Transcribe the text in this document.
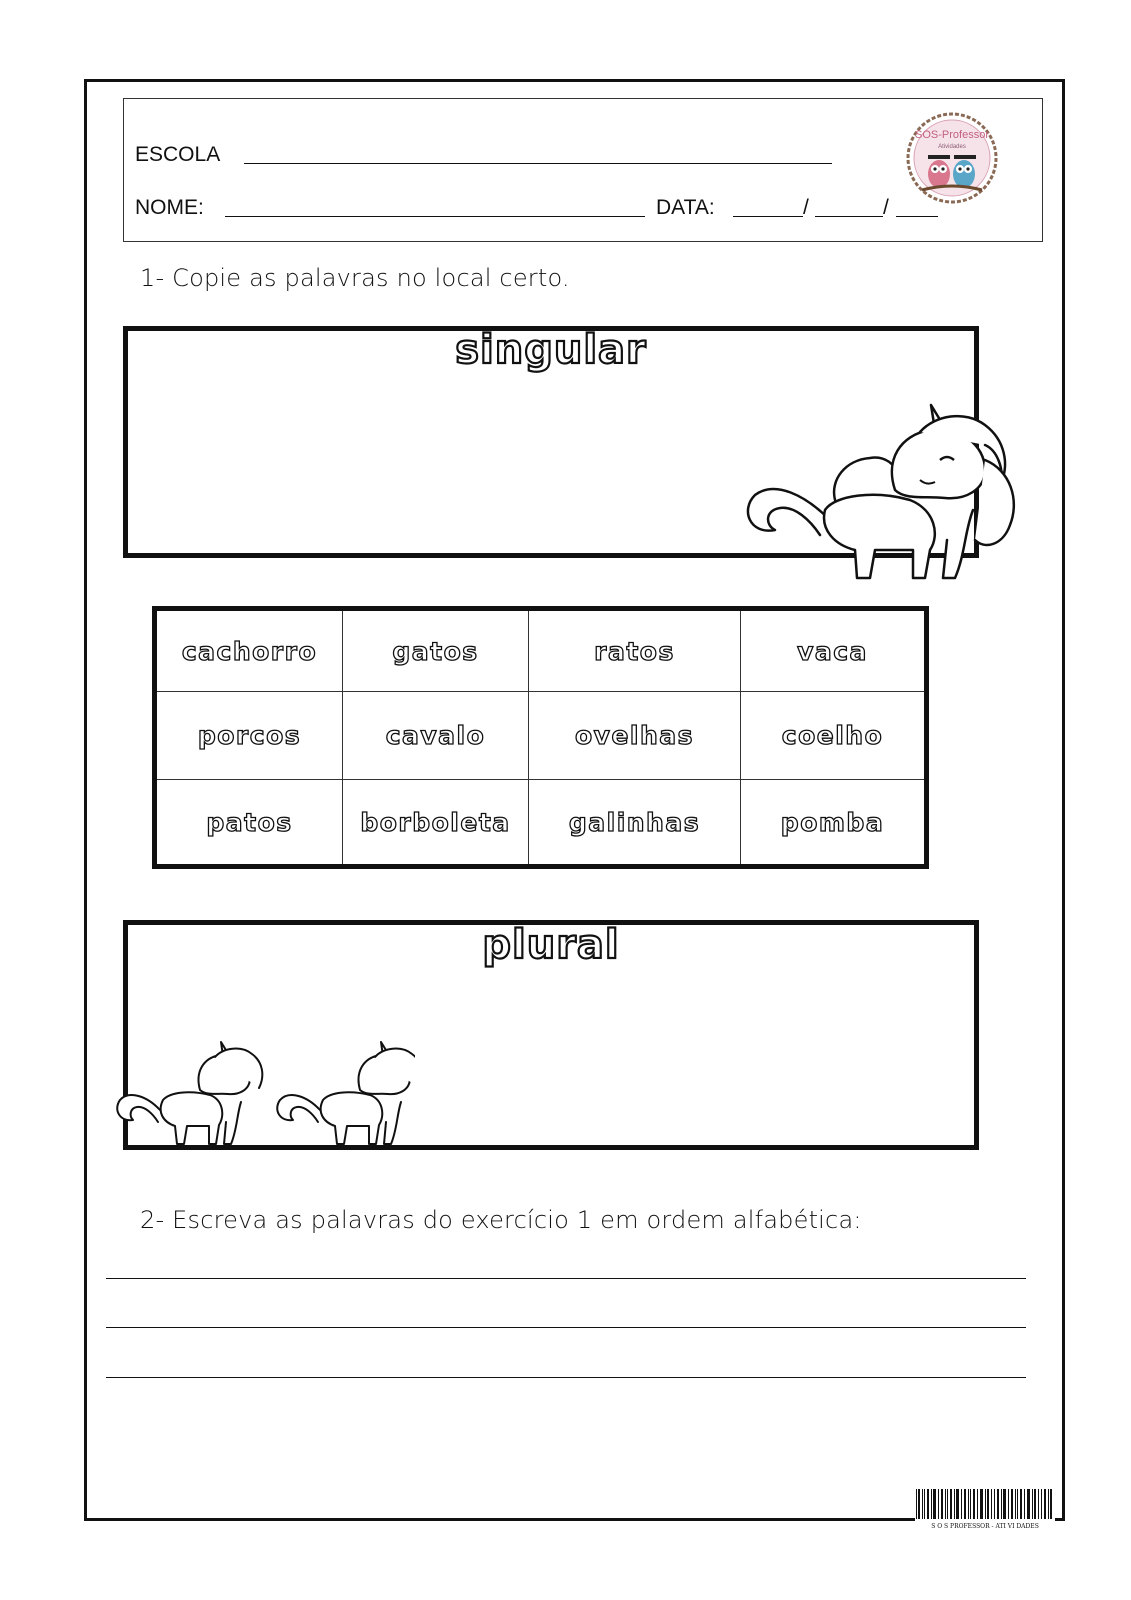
ESCOLA
NOME:	DATA:	/	/
SOS-Professor
Atividades
1- Copie as palavras no local certo.
singular
cachorro	gatos	ratos	vaca
porcos	cavalo	ovelhas	coelho
patos	borboleta	galinhas	pomba
plural
2- Escreva as palavras do exercício 1 em ordem alfabética:
S O S PROFESSOR - ATI VI DADES
